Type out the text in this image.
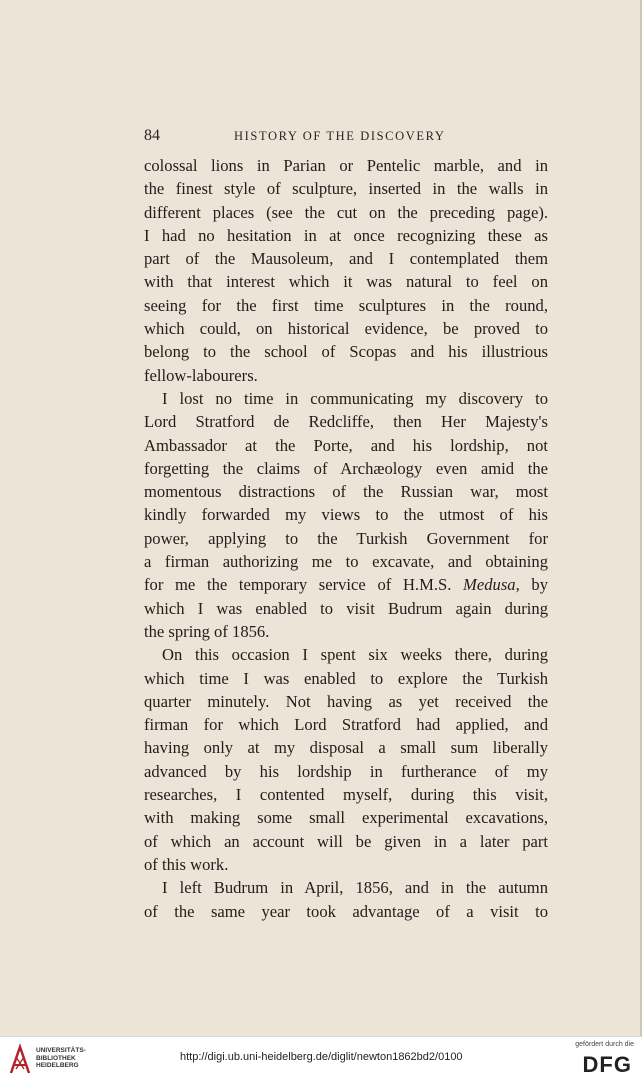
84	HISTORY OF THE DISCOVERY
colossal lions in Parian or Pentelic marble, and in
the finest style of sculpture, inserted in the walls in
different places (see the cut on the preceding page).
I had no hesitation in at once recognizing these as
part of the Mausoleum, and I contemplated them
with that interest which it was natural to feel on
seeing for the first time sculptures in the round,
which could, on historical evidence, be proved to
belong to the school of Scopas and his illustrious
fellow-labourers.
I lost no time in communicating my discovery to
Lord Stratford de Redcliffe, then Her Majesty's
Ambassador at the Porte, and his lordship, not
forgetting the claims of Archæology even amid the
momentous distractions of the Russian war, most
kindly forwarded my views to the utmost of his
power, applying to the Turkish Government for
a firman authorizing me to excavate, and obtaining
for me the temporary service of H.M.S. Medusa, by
which I was enabled to visit Budrum again during
the spring of 1856.
On this occasion I spent six weeks there, during
which time I was enabled to explore the Turkish
quarter minutely. Not having as yet received the
firman for which Lord Stratford had applied, and
having only at my disposal a small sum liberally
advanced by his lordship in furtherance of my
researches, I contented myself, during this visit,
with making some small experimental excavations,
of which an account will be given in a later part
of this work.
I left Budrum in April, 1856, and in the autumn
of the same year took advantage of a visit to
UNIVERSITÄTS-
BIBLIOTHEK
HEIDELBERG
http://digi.ub.uni-heidelberg.de/diglit/newton1862bd2/0100
gefördert durch die
DFG
